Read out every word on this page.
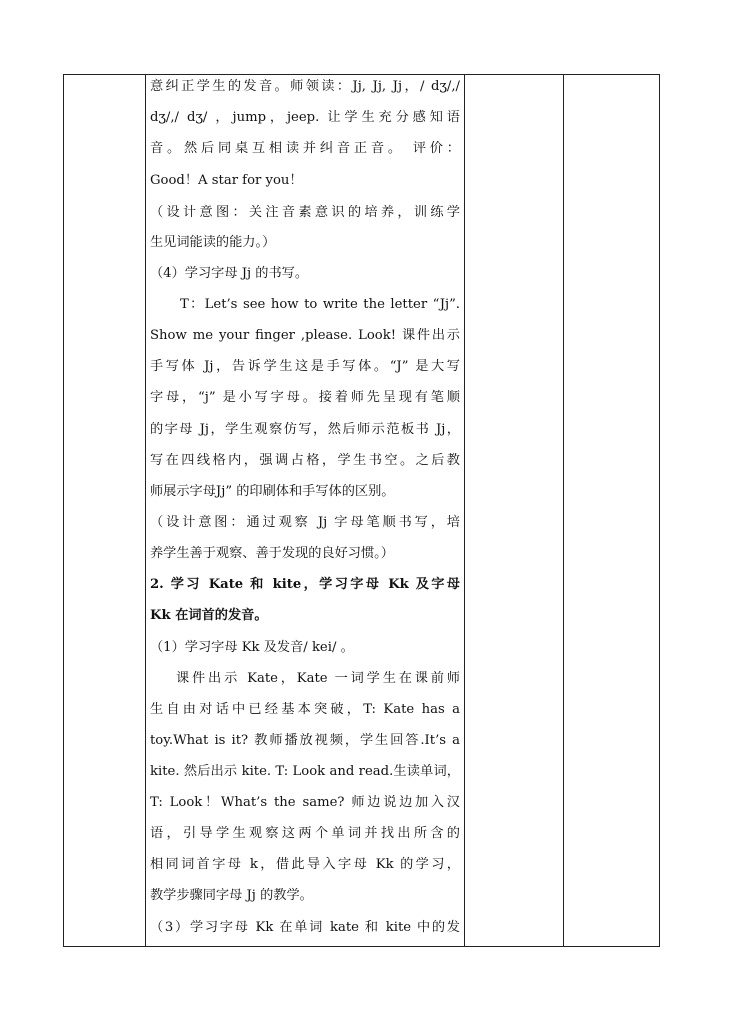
意纠正学生的发音。师领读：Jj, Jj, Jj，/ dʒ/,/
dʒ/,/ dʒ/ ，jump，jeep. 让学生充分感知语
音。然后同桌互相读并纠音正音。 评价：
Good！A star for you！
（设计意图：关注音素意识的培养，训练学
生见词能读的能力。）
（4）学习字母 Jj 的书写。
T：Let’s see how to write the letter “Jj”.
Show me your finger ,please. Look! 课件出示
手写体 Jj，告诉学生这是手写体。“J” 是大写
字母，“j” 是小写字母。接着师先呈现有笔顺
的字母 Jj，学生观察仿写，然后师示范板书 Jj，
写在四线格内，强调占格，学生书空。之后教
师展示字母Jj” 的印刷体和手写体的区别。
（设计意图：通过观察 Jj 字母笔顺书写，培
养学生善于观察、善于发现的良好习惯。）
2. 学习 Kate 和 kite，学习字母 Kk 及字母
Kk 在词首的发音。
（1）学习字母 Kk 及发音/ kei/ 。
课件出示 Kate，Kate 一词学生在课前师
生自由对话中已经基本突破，T: Kate has a
toy.What is it? 教师播放视频，学生回答.It’s a
kite. 然后出示 kite. T: Look and read.生读单词，
T: Look！What’s the same? 师边说边加入汉
语，引导学生观察这两个单词并找出所含的
相同词首字母 k，借此导入字母 Kk 的学习，
教学步骤同字母 Jj 的教学。
（3）学习字母 Kk 在单词 kate 和 kite 中的发
